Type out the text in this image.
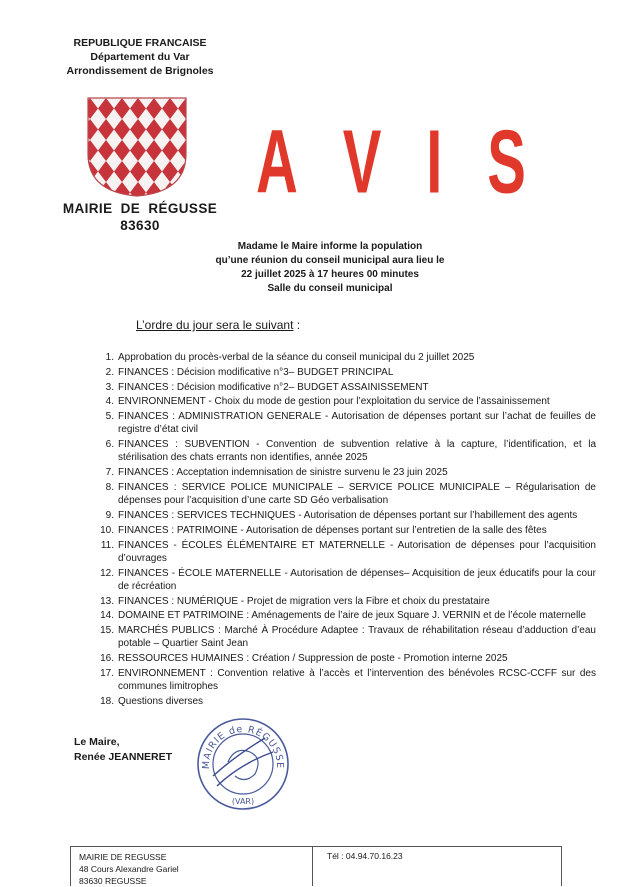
REPUBLIQUE FRANCAISE
Département du Var
Arrondissement de Brignoles
MAIRIE DE RÉGUSSE
83630
A V I S
Madame le Maire informe la population
qu’une réunion du conseil municipal aura lieu le
22 juillet 2025 à 17 heures 00 minutes
Salle du conseil municipal
L’ordre du jour sera le suivant :
1. Approbation du procès-verbal de la séance du conseil municipal du 2 juillet 2025
2. FINANCES : Décision modificative n°3– BUDGET PRINCIPAL
3. FINANCES : Décision modificative n°2– BUDGET ASSAINISSEMENT
4. ENVIRONNEMENT - Choix du mode de gestion pour l’exploitation du service de l’assainissement
5. FINANCES : ADMINISTRATION GENERALE - Autorisation de dépenses portant sur l’achat de feuilles de registre d’état civil
6. FINANCES : SUBVENTION - Convention de subvention relative à la capture, l’identification, et la stérilisation des chats errants non identifies, année 2025
7. FINANCES : Acceptation indemnisation de sinistre survenu le 23 juin 2025
8. FINANCES : SERVICE POLICE MUNICIPALE – SERVICE POLICE MUNICIPALE – Régularisation de dépenses pour l’acquisition d’une carte SD Géo verbalisation
9. FINANCES : SERVICES TECHNIQUES - Autorisation de dépenses portant sur l’habillement des agents
10. FINANCES : PATRIMOINE - Autorisation de dépenses portant sur l’entretien de la salle des fêtes
11. FINANCES - ÉCOLES ÉLÉMENTAIRE ET MATERNELLE - Autorisation de dépenses pour l’acquisition d’ouvrages
12. FINANCES - ÉCOLE MATERNELLE - Autorisation de dépenses– Acquisition de jeux éducatifs pour la cour de récréation
13. FINANCES : NUMÉRIQUE - Projet de migration vers la Fibre et choix du prestataire
14. DOMAINE ET PATRIMOINE : Aménagements de l’aire de jeux Square J. VERNIN et de l’école maternelle
15. MARCHÉS PUBLICS : Marché À Procédure Adaptee : Travaux de réhabilitation réseau d’adduction d’eau potable – Quartier Saint Jean
16. RESSOURCES HUMAINES : Création / Suppression de poste - Promotion interne 2025
17. ENVIRONNEMENT : Convention relative à l’accès et l’intervention des bénévoles RCSC-CCFF sur des communes limitrophes
18. Questions diverses
Le Maire,
Renée JEANNERET
MAIRIE de RÉGUSSE
(VAR)
MAIRIE DE REGUSSE
48 Cours Alexandre Gariel
83630 REGUSSE
Tél : 04.94.70.16.23
